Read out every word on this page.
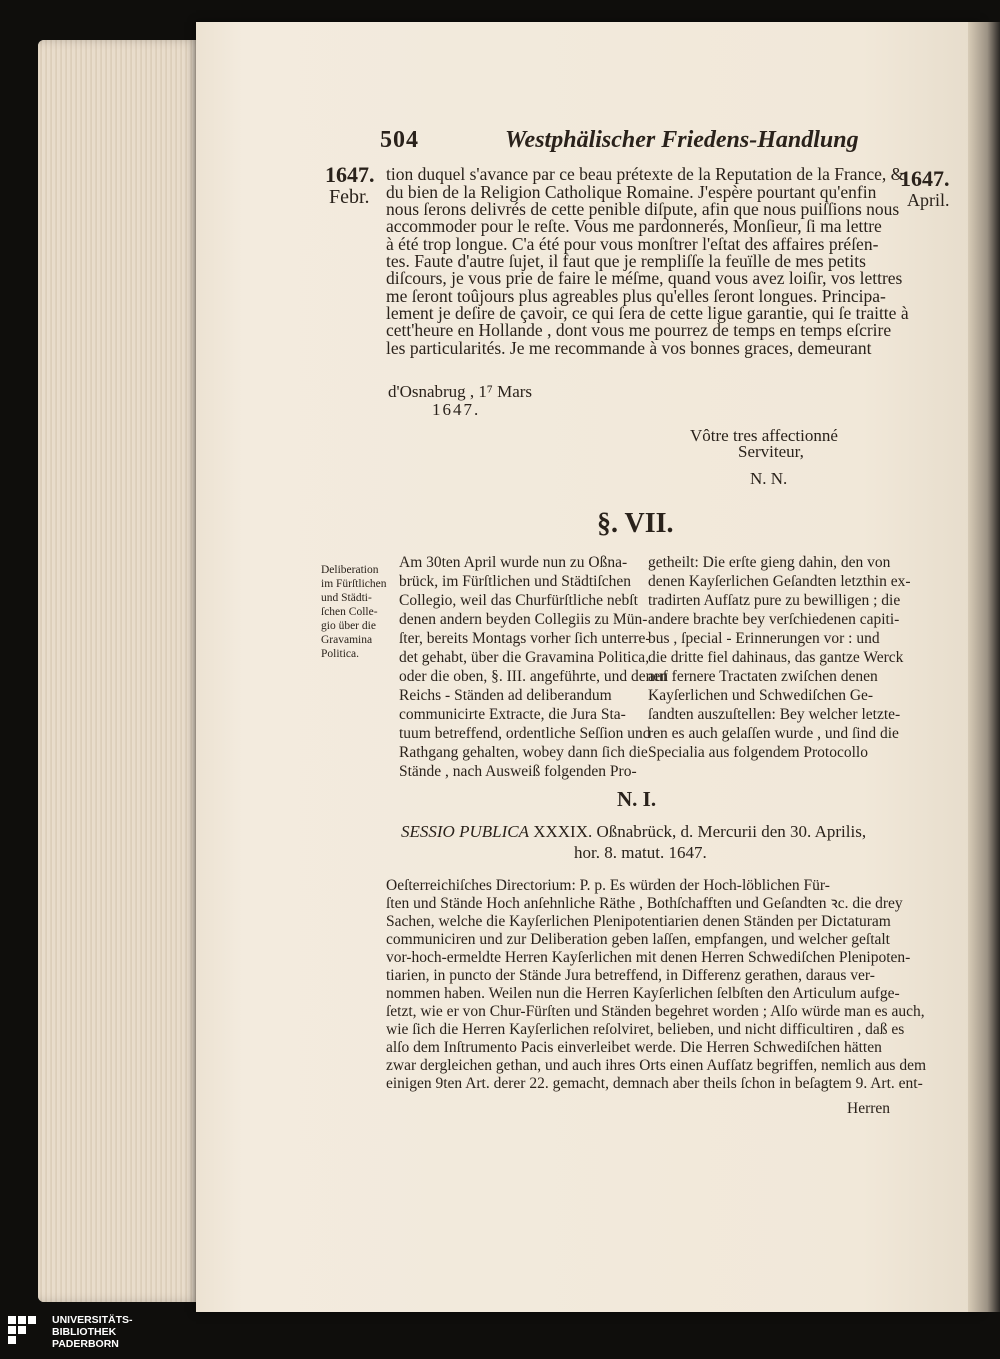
504	Westphälischer Friedens-Handlung
1647.
Febr.
1647.
April.
tion duquel s'avance par ce beau prétexte de la Reputation de la France, &
du bien de la Religion Catholique Romaine. J'espère pourtant qu'enfin
nous ſerons delivrés de cette penible diſpute, afin que nous puiſſions nous
accommoder pour le reſte. Vous me pardonnerés, Monſieur, ſi ma lettre
à été trop longue. C'a été pour vous monſtrer l'eſtat des affaires préſen-
tes. Faute d'autre ſujet, il faut que je rempliſſe la feuïlle de mes petits
diſcours, je vous prie de faire le méſme, quand vous avez loiſir, vos lettres
me ſeront toûjours plus agreables plus qu'elles ſeront longues. Principa-
lement je deſire de çavoir, ce qui ſera de cette ligue garantie, qui ſe traitte à
cett'heure en Hollande , dont vous me pourrez de temps en temps eſcrire
les particularités. Je me recommande à vos bonnes graces, demeurant
d'Osnabrug , 1⁷ Mars
1647.
Vôtre tres affectionné
Serviteur,
N. N.
§. VII.
Deliberation
im Fürſtlichen
und Städti-
ſchen Colle-
gio über die
Gravamina
Politica.
Am 30ten April wurde nun zu Oßna-
brück, im Fürſtlichen und Städtiſchen
Collegio, weil das Churfürſtliche nebſt
denen andern beyden Collegiis zu Mün-
ſter, bereits Montags vorher ſich unterre-
det gehabt, über die Gravamina Politica,
oder die oben, §. III. angeführte, und denen
Reichs - Ständen ad deliberandum
communicirte Extracte, die Jura Sta-
tuum betreffend, ordentliche Seſſion und
Rathgang gehalten, wobey dann ſich die
Stände , nach Ausweiß folgenden Pro-
getheilt: Die erſte gieng dahin, den von
denen Kayſerlichen Geſandten letzthin ex-
tradirten Aufſatz pure zu bewilligen ; die
andere brachte bey verſchiedenen capiti-
bus , ſpecial - Erinnerungen vor : und
die dritte fiel dahinaus, das gantze Werck
auf fernere Tractaten zwiſchen denen
Kayſerlichen und Schwediſchen Ge-
ſandten auszuſtellen: Bey welcher letzte-
ren es auch gelaſſen wurde , und ſind die
Specialia aus folgendem Protocollo
N. I.
SESSIO PUBLICA XXXIX. Oßnabrück, d. Mercurii den 30. Aprilis,
hor. 8. matut. 1647.
Oeſterreichiſches Directorium: P. p. Es würden der Hoch-löblichen Für-
ſten und Stände Hoch anſehnliche Räthe , Bothſchafften und Geſandten ꝛc. die drey
Sachen, welche die Kayſerlichen Plenipotentiarien denen Ständen per Dictaturam
communiciren und zur Deliberation geben laſſen, empfangen, und welcher geſtalt
vor-hoch-ermeldte Herren Kayſerlichen mit denen Herren Schwediſchen Plenipoten-
tiarien, in puncto der Stände Jura betreffend, in Differenz gerathen, daraus ver-
nommen haben. Weilen nun die Herren Kayſerlichen ſelbſten den Articulum aufge-
ſetzt, wie er von Chur-Fürſten und Ständen begehret worden ; Alſo würde man es auch,
wie ſich die Herren Kayſerlichen reſolviret, belieben, und nicht difficultiren , daß es
alſo dem Inſtrumento Pacis einverleibet werde. Die Herren Schwediſchen hätten
zwar dergleichen gethan, und auch ihres Orts einen Aufſatz begriffen, nemlich aus dem
einigen 9ten Art. derer 22. gemacht, demnach aber theils ſchon in beſagtem 9. Art. ent-
Herren
UNIVERSITÄTS-
BIBLIOTHEK
PADERBORN
